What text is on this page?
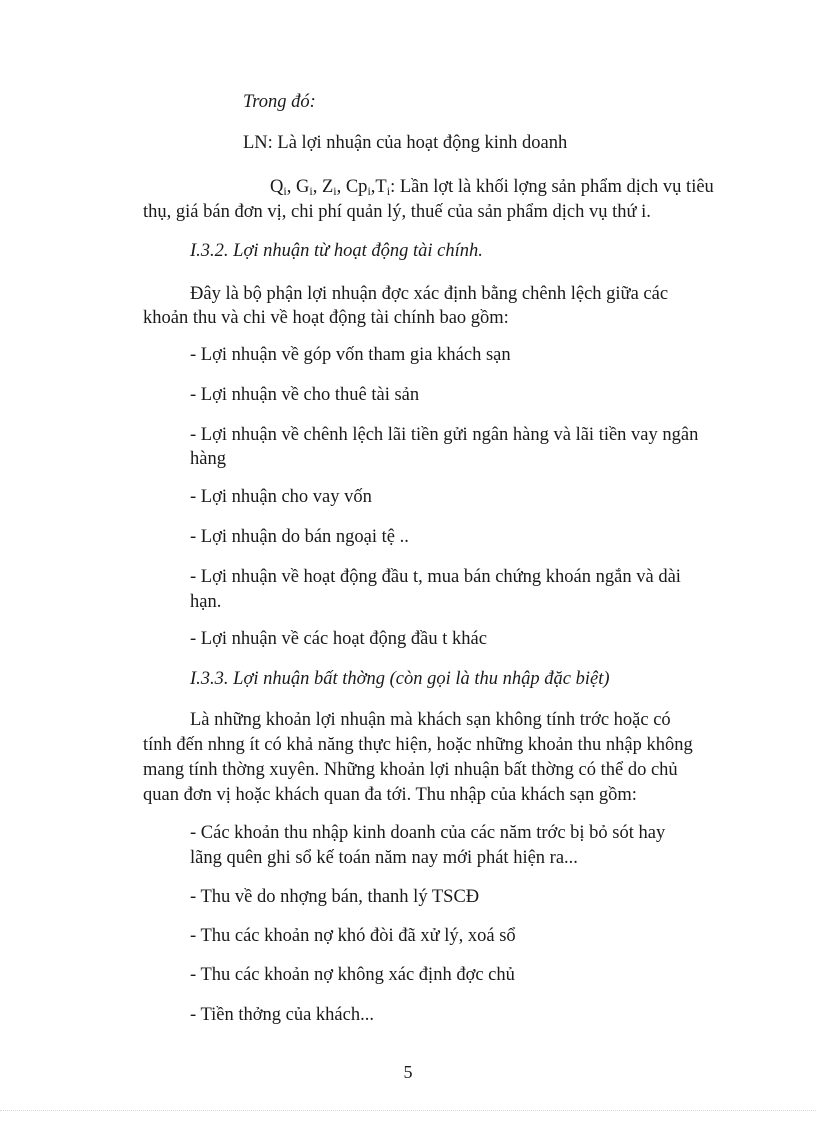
Trong đó:

LN: Là lợi nhuận của hoạt động kinh doanh

$Q_i$, $G_i$, $Z_i$, $Cp_i,T_i$: Lần lợt là khối lợng sản phẩm dịch vụ tiêu

thụ, giá bán đơn vị, chi phí quản lý, thuế của sản phẩm dịch vụ thứ i.

I.3.2. Lợi nhuận từ hoạt động tài chính.

Đây là bộ phận lợi nhuận đợc xác định bằng chênh lệch giữa các

khoản thu và chi về hoạt động tài chính bao gồm:

- Lợi nhuận về góp vốn tham gia khách sạn

- Lợi nhuận về cho thuê tài sản

- Lợi nhuận về chênh lệch lãi tiền gửi ngân hàng và lãi tiền vay ngân

hàng

- Lợi nhuận cho vay vốn

- Lợi nhuận do bán ngoại tệ ..

- Lợi nhuận về hoạt động đầu t, mua bán chứng khoán ngắn và dài

hạn.

- Lợi nhuận về các hoạt động đầu t khác

I.3.3. Lợi nhuận bất thờng (còn gọi là thu nhập đặc biệt)

Là những khoản lợi nhuận mà khách sạn không tính trớc hoặc có

tính đến nhng ít có khả năng thực hiện, hoặc những khoản thu nhập không

mang tính thờng xuyên. Những khoản lợi nhuận bất thờng có thể do chủ

quan đơn vị hoặc khách quan đa tới. Thu nhập của khách sạn gồm:

- Các khoản thu nhập kinh doanh của các năm trớc bị bỏ sót hay

lãng quên ghi sổ kế toán năm nay mới phát hiện ra...

- Thu về do nhợng bán, thanh lý TSCĐ

- Thu các khoản nợ khó đòi đã xử lý, xoá sổ

- Thu các khoản nợ không xác định đợc chủ

- Tiền thởng của khách...

5
